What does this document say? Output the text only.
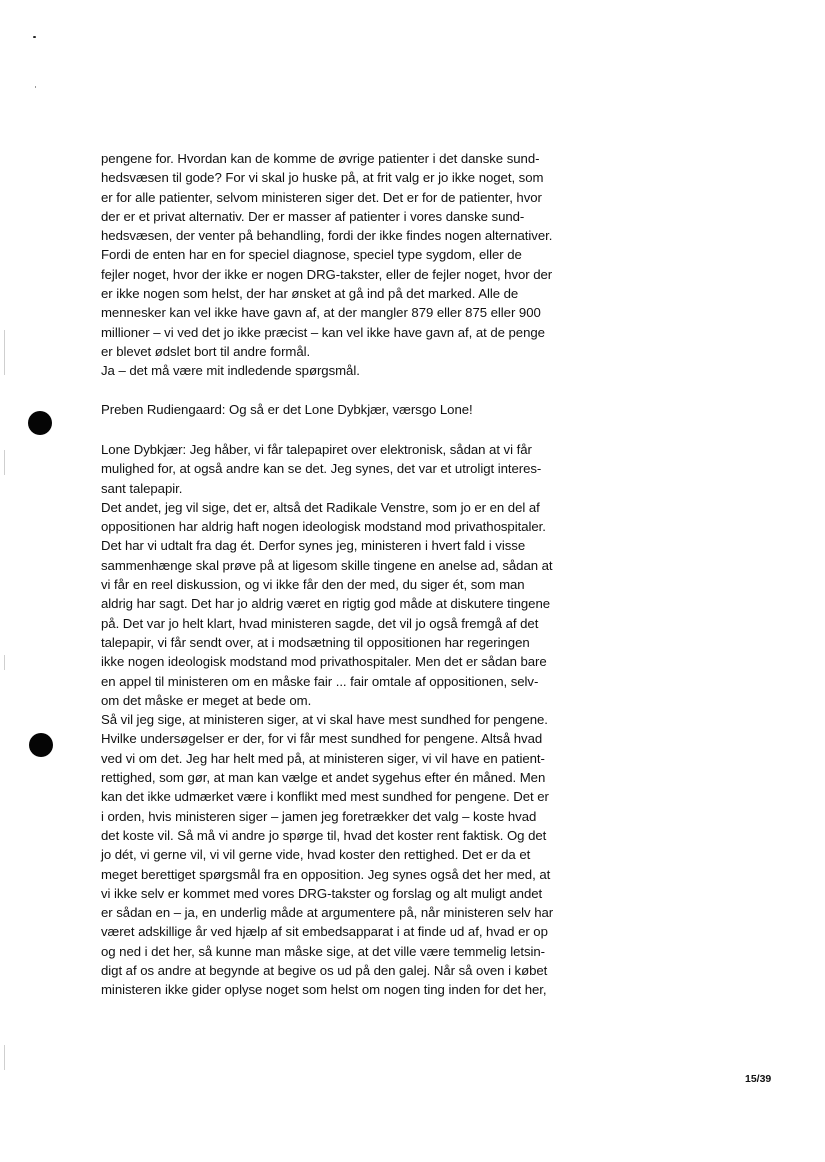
pengene for. Hvordan kan de komme de øvrige patienter i det danske sund-
hedsvæsen til gode? For vi skal jo huske på, at frit valg er jo ikke noget, som
er for alle patienter, selvom ministeren siger det. Det er for de patienter, hvor
der er et privat alternativ. Der er masser af patienter i vores danske sund-
hedsvæsen, der venter på behandling, fordi der ikke findes nogen alternativer.
Fordi de enten har en for speciel diagnose, speciel type sygdom, eller de
fejler noget, hvor der ikke er nogen DRG-takster, eller de fejler noget, hvor der
er ikke nogen som helst, der har ønsket at gå ind på det marked. Alle de
mennesker kan vel ikke have gavn af, at der mangler 879 eller 875 eller 900
millioner – vi ved det jo ikke præcist – kan vel ikke have gavn af, at de penge
er blevet ødslet bort til andre formål.
Ja – det må være mit indledende spørgsmål.
Preben Rudiengaard: Og så er det Lone Dybkjær, værsgo Lone!
Lone Dybkjær: Jeg håber, vi får talepapiret over elektronisk, sådan at vi får
mulighed for, at også andre kan se det. Jeg synes, det var et utroligt interes-
sant talepapir.
Det andet, jeg vil sige, det er, altså det Radikale Venstre, som jo er en del af
oppositionen har aldrig haft nogen ideologisk modstand mod privathospitaler.
Det har vi udtalt fra dag ét. Derfor synes jeg, ministeren i hvert fald i visse
sammenhænge skal prøve på at ligesom skille tingene en anelse ad, sådan at
vi får en reel diskussion, og vi ikke får den der med, du siger ét, som man
aldrig har sagt. Det har jo aldrig været en rigtig god måde at diskutere tingene
på. Det var jo helt klart, hvad ministeren sagde, det vil jo også fremgå af det
talepapir, vi får sendt over, at i modsætning til oppositionen har regeringen
ikke nogen ideologisk modstand mod privathospitaler. Men det er sådan bare
en appel til ministeren om en måske fair ... fair omtale af oppositionen, selv-
om det måske er meget at bede om.
Så vil jeg sige, at ministeren siger, at vi skal have mest sundhed for pengene.
Hvilke undersøgelser er der, for vi får mest sundhed for pengene. Altså hvad
ved vi om det. Jeg har helt med på, at ministeren siger, vi vil have en patient-
rettighed, som gør, at man kan vælge et andet sygehus efter én måned. Men
kan det ikke udmærket være i konflikt med mest sundhed for pengene. Det er
i orden, hvis ministeren siger – jamen jeg foretrækker det valg – koste hvad
det koste vil. Så må vi andre jo spørge til, hvad det koster rent faktisk. Og det
jo dét, vi gerne vil, vi vil gerne vide, hvad koster den rettighed. Det er da et
meget berettiget spørgsmål fra en opposition. Jeg synes også det her med, at
vi ikke selv er kommet med vores DRG-takster og forslag og alt muligt andet
er sådan en – ja, en underlig måde at argumentere på, når ministeren selv har
været adskillige år ved hjælp af sit embedsapparat i at finde ud af, hvad er op
og ned i det her, så kunne man måske sige, at det ville være temmelig letsin-
digt af os andre at begynde at begive os ud på den galej. Når så oven i købet
ministeren ikke gider oplyse noget som helst om nogen ting inden for det her,
15/39
